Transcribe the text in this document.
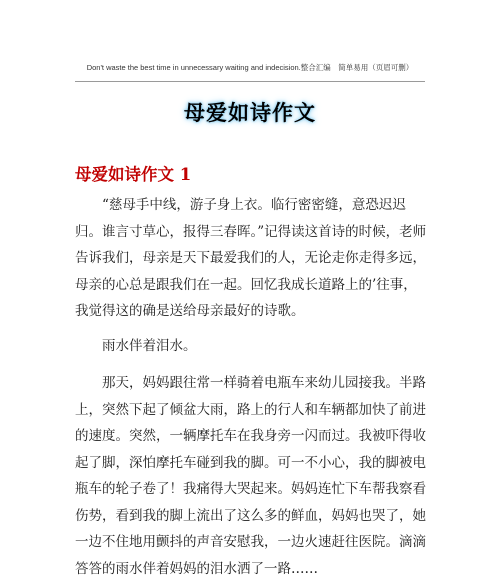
Don't waste the best time in unnecessary waiting and indecision.整合汇编　简单易用（页眉可删）
母爱如诗作文
母爱如诗作文 1

“慈母手中线，游子身上衣。临行密密缝，意恐迟迟归。谁言寸草心，报得三春晖。”记得读这首诗的时候，老师告诉我们，母亲是天下最爱我们的人，无论走你走得多远，母亲的心总是跟我们在一起。回忆我成长道路上的’往事，我觉得这的确是送给母亲最好的诗歌。

雨水伴着泪水。

那天，妈妈跟往常一样骑着电瓶车来幼儿园接我。半路上，突然下起了倾盆大雨，路上的行人和车辆都加快了前进的速度。突然，一辆摩托车在我身旁一闪而过。我被吓得收起了脚，深怕摩托车碰到我的脚。可一不小心，我的脚被电瓶车的轮子卷了！我痛得大哭起来。妈妈连忙下车帮我察看伤势，看到我的脚上流出了这么多的鲜血，妈妈也哭了，她一边不住地用颤抖的声音安慰我，一边火速赶往医院。滴滴答答的雨水伴着妈妈的泪水洒了一路……
